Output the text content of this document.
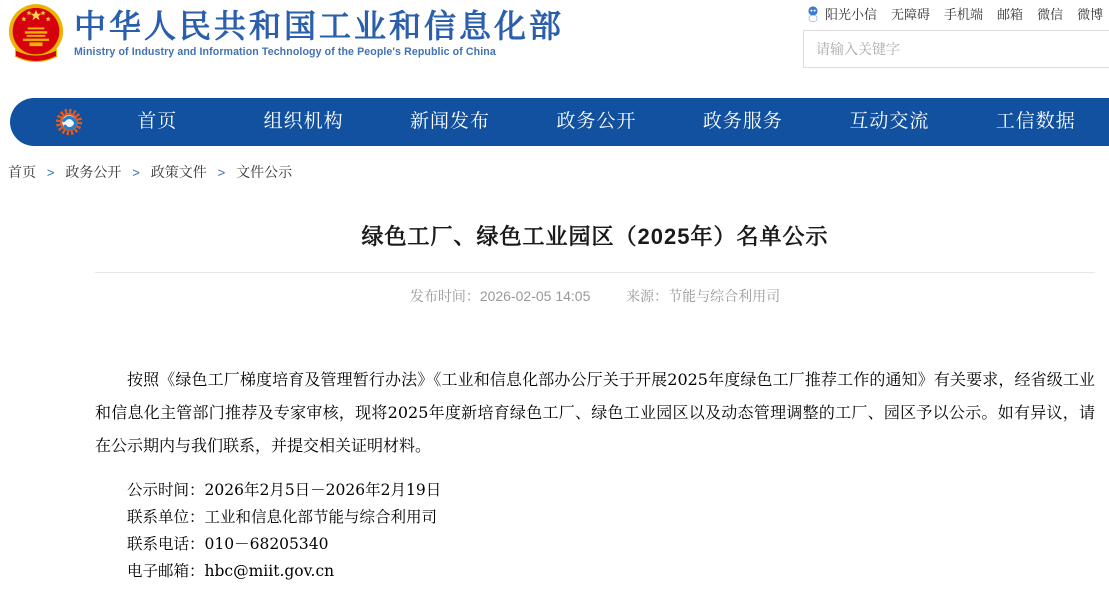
中华人民共和国工业和信息化部
Ministry of Industry and Information Technology of the People's Republic of China
阳光小信 无障碍 手机端 邮箱 微信 微博
请输入关键字
首页	组织机构	新闻发布	政务公开	政务服务	互动交流	工信数据
首页 > 政务公开 > 政策文件 > 文件公示
绿色工厂、绿色工业园区（2025年）名单公示
发布时间：2026-02-05 14:05	来源：节能与综合利用司
按照《绿色工厂梯度培育及管理暂行办法》《工业和信息化部办公厅关于开展2025年度绿色工厂推荐工作的通知》有关要求，经省级工业和信息化主管部门推荐及专家审核，现将2025年度新培育绿色工厂、绿色工业园区以及动态管理调整的工厂、园区予以公示。如有异议，请在公示期内与我们联系，并提交相关证明材料。
公示时间：2026年2月5日－2026年2月19日
联系单位：工业和信息化部节能与综合利用司
联系电话：010－68205340
电子邮箱：hbc@miit.gov.cn
